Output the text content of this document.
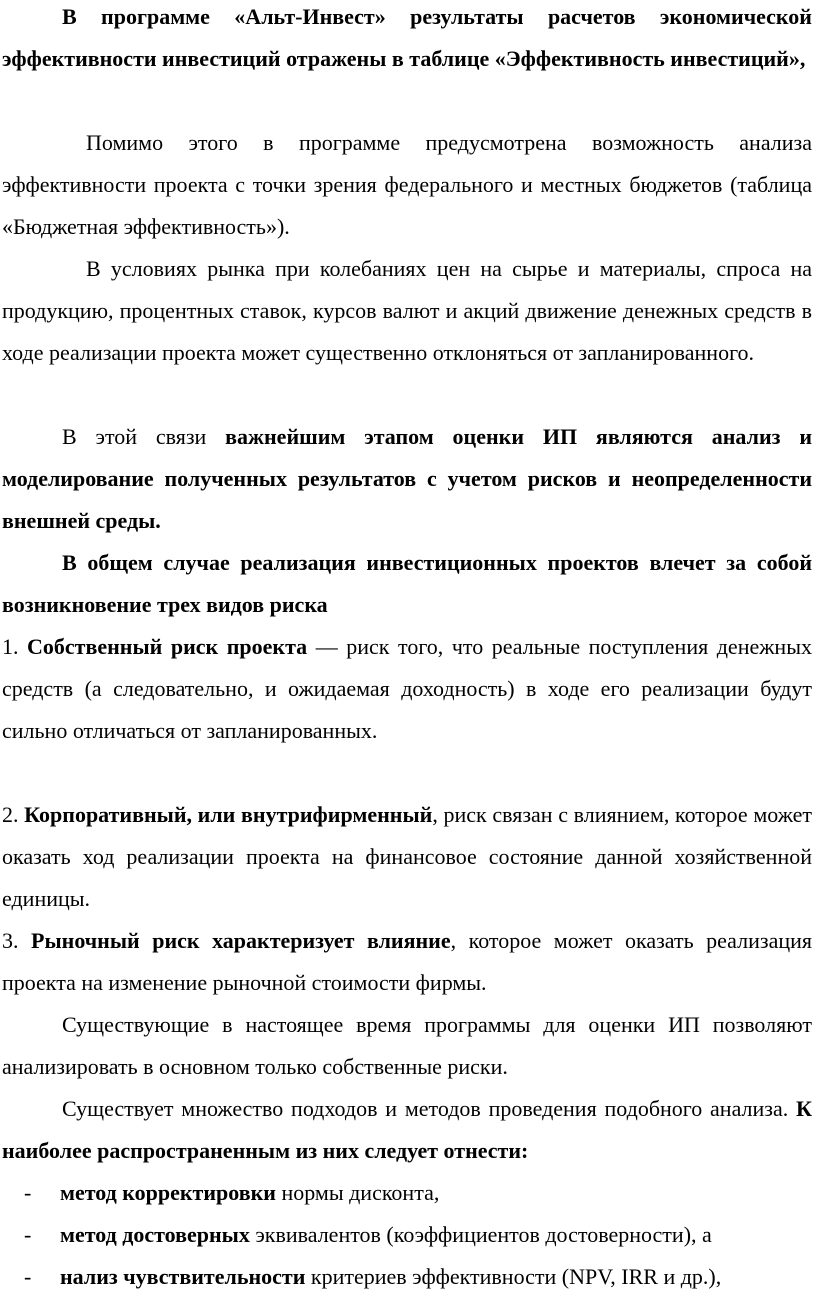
В программе «Альт-Инвест» результаты расчетов экономической эффективности инвестиций отражены в таблице «Эффективность инвестиций»,
Помимо этого в программе предусмотрена возможность анализа эффективности проекта с точки зрения федерального и местных бюджетов (таблица «Бюджетная эффективность»).
В условиях рынка при колебаниях цен на сырье и материалы, спроса на продукцию, процентных ставок, курсов валют и акций движение денежных средств в ходе реализации проекта может существенно отклоняться от запланированного.
В этой связи важнейшим этапом оценки ИП являются анализ и моделирование полученных результатов с учетом рисков и неопределенности внешней среды.
В общем случае реализация инвестиционных проектов влечет за собой возникновение трех видов риска
1. Собственный риск проекта — риск того, что реальные поступления денежных средств (а следовательно, и ожидаемая доходность) в ходе его реализации будут сильно отличаться от запланированных.
2. Корпоративный, или внутрифирменный, риск связан с влиянием, которое может оказать ход реализации проекта на финансовое состояние данной хозяйственной единицы.
3. Рыночный риск характеризует влияние, которое может оказать реализация проекта на изменение рыночной стоимости фирмы.
Существующие в настоящее время программы для оценки ИП позволяют анализировать в основном только собственные риски.
Существует множество подходов и методов проведения подобного анализа. К наиболее распространенным из них следует отнести:
- метод корректировки нормы дисконта,
- метод достоверных эквивалентов (коэффициентов достоверности), а
- нализ чувствительности критериев эффективности (NPV, IRR и др.),
